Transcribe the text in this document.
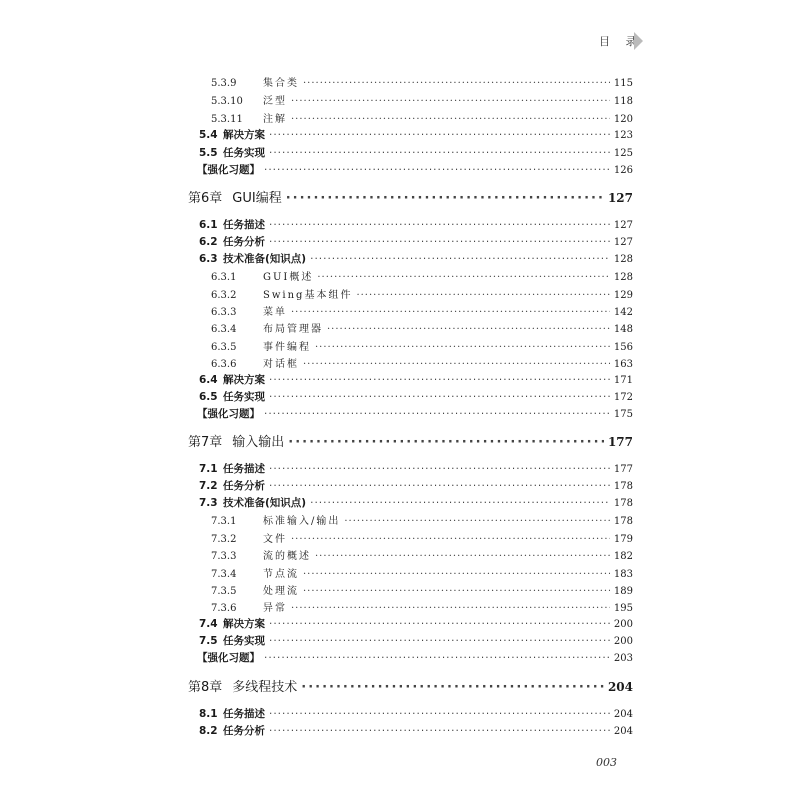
目 录
5.3.9	集合类 ·····	115
5.3.10	泛型 ·····	118
5.3.11	注解 ·····	120
5.4 解决方案 ·····	123
5.5 任务实现 ·····	125
【强化习题】 ·····	126
第6章 GUI编程 ·····	127
6.1 任务描述 ·····	127
6.2 任务分析 ·····	127
6.3 技术准备(知识点) ·····	128
6.3.1	GUI概述 ·····	128
6.3.2	Swing基本组件 ·····	129
6.3.3	菜单 ·····	142
6.3.4	布局管理器 ·····	148
6.3.5	事件编程 ·····	156
6.3.6	对话框 ·····	163
6.4 解决方案 ·····	171
6.5 任务实现 ·····	172
【强化习题】 ·····	175
第7章 输入输出 ·····	177
7.1 任务描述 ·····	177
7.2 任务分析 ·····	178
7.3 技术准备(知识点) ·····	178
7.3.1	标准输入/输出 ·····	178
7.3.2	文件 ·····	179
7.3.3	流的概述 ·····	182
7.3.4	节点流 ·····	183
7.3.5	处理流 ·····	189
7.3.6	异常 ·····	195
7.4 解决方案 ·····	200
7.5 任务实现 ·····	200
【强化习题】 ·····	203
第8章 多线程技术 ·····	204
8.1 任务描述 ·····	204
8.2 任务分析 ·····	204
003
